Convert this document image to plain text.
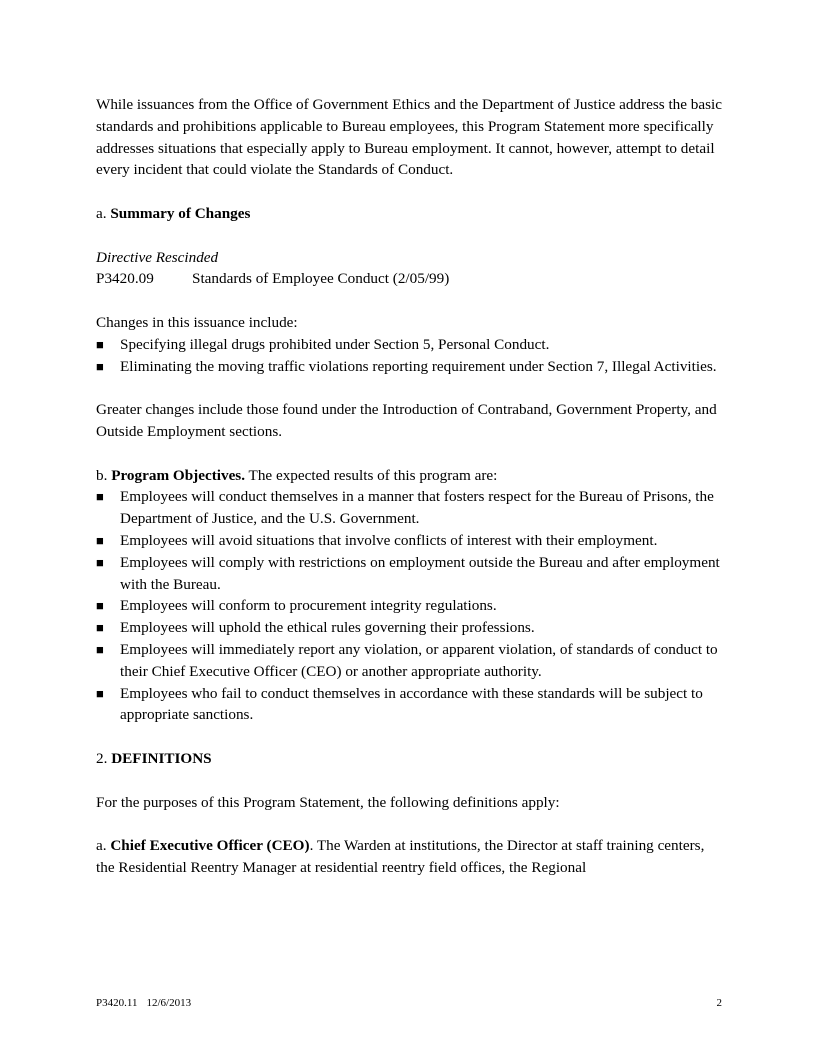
While issuances from the Office of Government Ethics and the Department of Justice address the basic standards and prohibitions applicable to Bureau employees, this Program Statement more specifically addresses situations that especially apply to Bureau employment. It cannot, however, attempt to detail every incident that could violate the Standards of Conduct.

a. Summary of Changes

Directive Rescinded

P3420.09	Standards of Employee Conduct (2/05/99)

Changes in this issuance include:

■ Specifying illegal drugs prohibited under Section 5, Personal Conduct.
■ Eliminating the moving traffic violations reporting requirement under Section 7, Illegal Activities.

Greater changes include those found under the Introduction of Contraband, Government Property, and Outside Employment sections.

b. Program Objectives. The expected results of this program are:

■ Employees will conduct themselves in a manner that fosters respect for the Bureau of Prisons, the Department of Justice, and the U.S. Government.
■ Employees will avoid situations that involve conflicts of interest with their employment.
■ Employees will comply with restrictions on employment outside the Bureau and after employment with the Bureau.
■ Employees will conform to procurement integrity regulations.
■ Employees will uphold the ethical rules governing their professions.
■ Employees will immediately report any violation, or apparent violation, of standards of conduct to their Chief Executive Officer (CEO) or another appropriate authority.
■ Employees who fail to conduct themselves in accordance with these standards will be subject to appropriate sanctions.

2. DEFINITIONS

For the purposes of this Program Statement, the following definitions apply:

a. Chief Executive Officer (CEO). The Warden at institutions, the Director at staff training centers, the Residential Reentry Manager at residential reentry field offices, the Regional

P3420.11 12/6/2013	2
